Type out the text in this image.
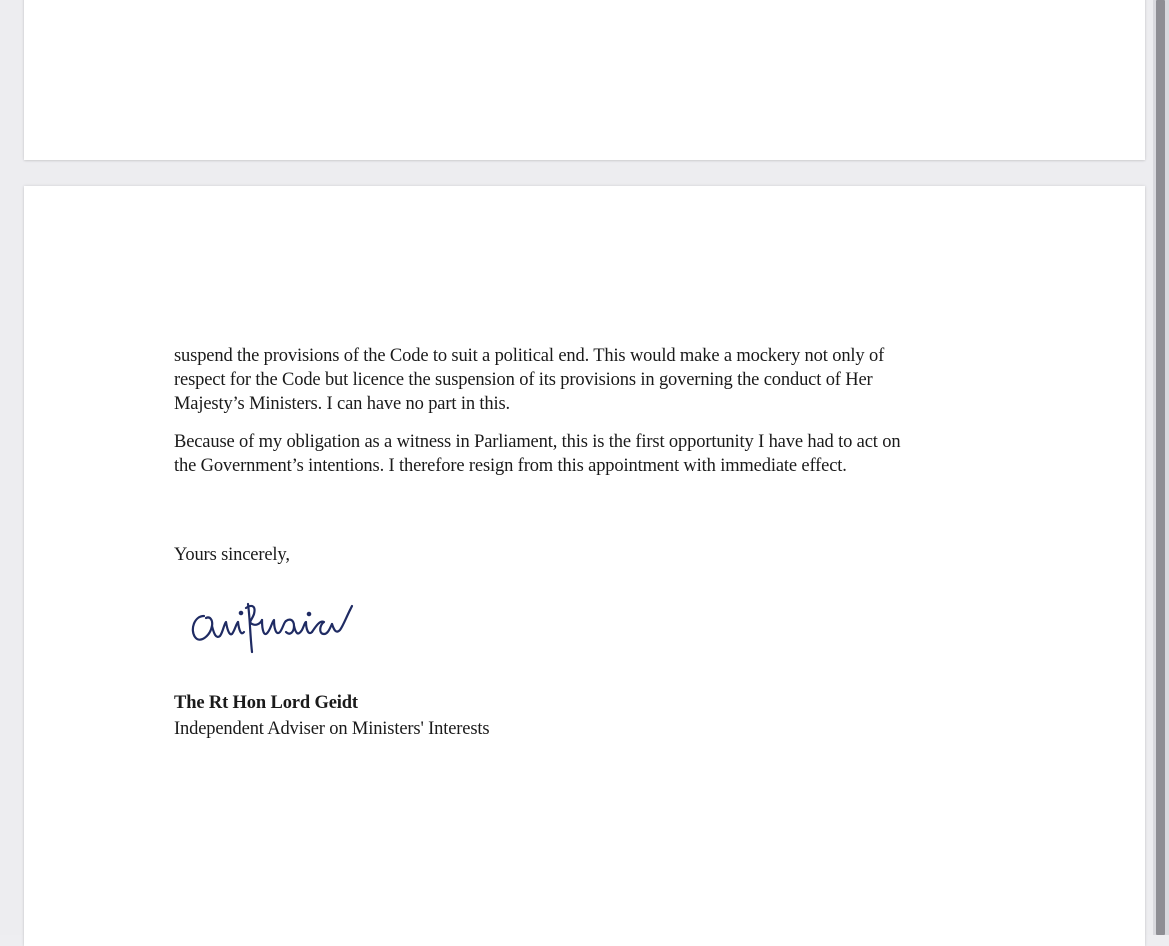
suspend the provisions of the Code to suit a political end. This would make a mockery not only of

respect for the Code but licence the suspension of its provisions in governing the conduct of Her

Majesty’s Ministers. I can have no part in this.

Because of my obligation as a witness in Parliament, this is the first opportunity I have had to act on

the Government’s intentions. I therefore resign from this appointment with immediate effect.

Yours sincerely,
The Rt Hon Lord Geidt
Independent Adviser on Ministers' Interests
